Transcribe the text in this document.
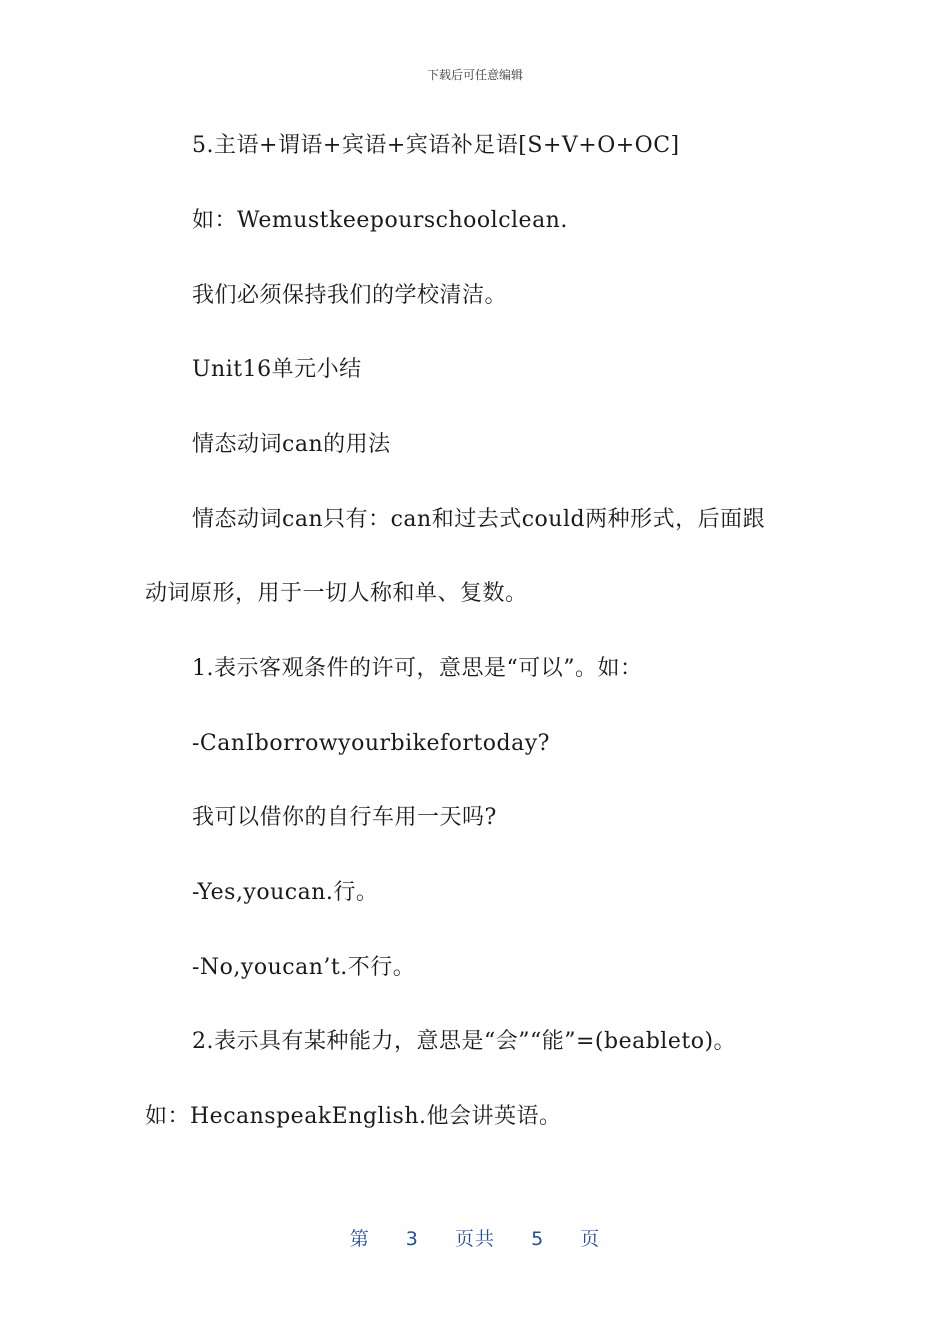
下载后可任意编辑
5.主语+谓语+宾语+宾语补足语[S+V+O+OC]
如：Wemustkeepourschoolclean.
我们必须保持我们的学校清洁。
Unit16单元小结
情态动词can的用法
情态动词can只有：can和过去式could两种形式，后面跟
动词原形，用于一切人称和单、复数。
1.表示客观条件的许可，意思是“可以”。如：
-CanIborrowyourbikefortoday?
我可以借你的自行车用一天吗?
-Yes,youcan.行。
-No,youcan’t.不行。
2.表示具有某种能力，意思是“会”“能”=(beableto)。
如：HecanspeakEnglish.他会讲英语。
第 3 页共 5 页
